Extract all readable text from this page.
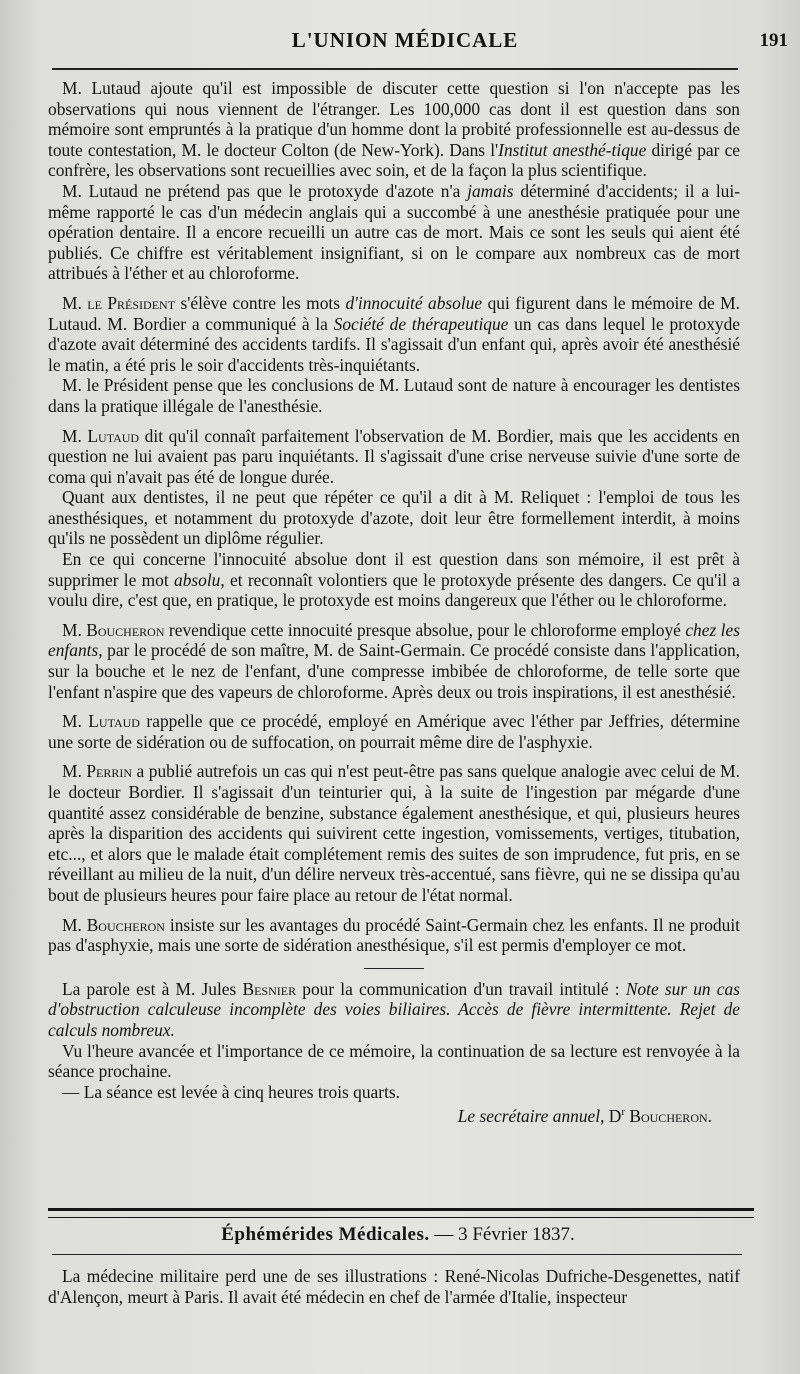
L'UNION MÉDICALE	191

M. Lutaud ajoute qu'il est impossible de discuter cette question si l'on n'accepte pas les observations qui nous viennent de l'étranger. Les 100,000 cas dont il est question dans son mémoire sont empruntés à la pratique d'un homme dont la probité professionnelle est au-dessus de toute contestation, M. le docteur Colton (de New-York). Dans l'Institut anesthé-tique dirigé par ce confrère, les observations sont recueillies avec soin, et de la façon la plus scientifique.

M. Lutaud ne prétend pas que le protoxyde d'azote n'a jamais déterminé d'accidents; il a lui-même rapporté le cas d'un médecin anglais qui a succombé à une anesthésie pratiquée pour une opération dentaire. Il a encore recueilli un autre cas de mort. Mais ce sont les seuls qui aient été publiés. Ce chiffre est véritablement insignifiant, si on le compare aux nombreux cas de mort attribués à l'éther et au chloroforme.

M. le Président s'élève contre les mots d'innocuité absolue qui figurent dans le mémoire de M. Lutaud. M. Bordier a communiqué à la Société de thérapeutique un cas dans lequel le protoxyde d'azote avait déterminé des accidents tardifs. Il s'agissait d'un enfant qui, après avoir été anesthésié le matin, a été pris le soir d'accidents très-inquiétants.

M. le Président pense que les conclusions de M. Lutaud sont de nature à encourager les dentistes dans la pratique illégale de l'anesthésie.

M. Lutaud dit qu'il connaît parfaitement l'observation de M. Bordier, mais que les accidents en question ne lui avaient pas paru inquiétants. Il s'agissait d'une crise nerveuse suivie d'une sorte de coma qui n'avait pas été de longue durée.

Quant aux dentistes, il ne peut que répéter ce qu'il a dit à M. Reliquet : l'emploi de tous les anesthésiques, et notamment du protoxyde d'azote, doit leur être formellement interdit, à moins qu'ils ne possèdent un diplôme régulier.

En ce qui concerne l'innocuité absolue dont il est question dans son mémoire, il est prêt à supprimer le mot absolu, et reconnaît volontiers que le protoxyde présente des dangers. Ce qu'il a voulu dire, c'est que, en pratique, le protoxyde est moins dangereux que l'éther ou le chloroforme.

M. Boucheron revendique cette innocuité presque absolue, pour le chloroforme employé chez les enfants, par le procédé de son maître, M. de Saint-Germain. Ce procédé consiste dans l'application, sur la bouche et le nez de l'enfant, d'une compresse imbibée de chloroforme, de telle sorte que l'enfant n'aspire que des vapeurs de chloroforme. Après deux ou trois inspirations, il est anesthésié.

M. Lutaud rappelle que ce procédé, employé en Amérique avec l'éther par Jeffries, détermine une sorte de sidération ou de suffocation, on pourrait même dire de l'asphyxie.

M. Perrin a publié autrefois un cas qui n'est peut-être pas sans quelque analogie avec celui de M. le docteur Bordier. Il s'agissait d'un teinturier qui, à la suite de l'ingestion par mégarde d'une quantité assez considérable de benzine, substance également anesthésique, et qui, plusieurs heures après la disparition des accidents qui suivirent cette ingestion, vomissements, vertiges, titubation, etc..., et alors que le malade était complétement remis des suites de son imprudence, fut pris, en se réveillant au milieu de la nuit, d'un délire nerveux très-accentué, sans fièvre, qui ne se dissipa qu'au bout de plusieurs heures pour faire place au retour de l'état normal.

M. Boucheron insiste sur les avantages du procédé Saint-Germain chez les enfants. Il ne produit pas d'asphyxie, mais une sorte de sidération anesthésique, s'il est permis d'employer ce mot.

La parole est à M. Jules Besnier pour la communication d'un travail intitulé : Note sur un cas d'obstruction calculeuse incomplète des voies biliaires. Accès de fièvre intermittente. Rejet de calculs nombreux.

Vu l'heure avancée et l'importance de ce mémoire, la continuation de sa lecture est renvoyée à la séance prochaine.

— La séance est levée à cinq heures trois quarts.

Le secrétaire annuel, $D^r$ Boucheron.

Éphémérides Médicales. — 3 Février 1837.

La médecine militaire perd une de ses illustrations : René-Nicolas Dufriche-Desgenettes, natif d'Alençon, meurt à Paris. Il avait été médecin en chef de l'armée d'Italie, inspecteur
